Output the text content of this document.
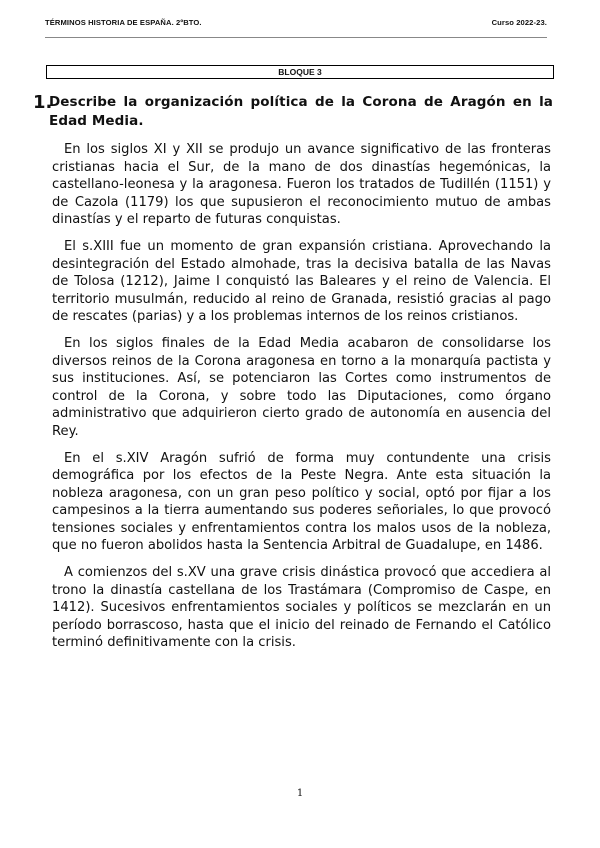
TÉRMINOS HISTORIA DE ESPAÑA. 2ºBTO.	Curso 2022-23.
BLOQUE 3
1.
Describe la organización política de la Corona de Aragón en la Edad Media.

En los siglos XI y XII se produjo un avance significativo de las fronteras cristianas hacia el Sur, de la mano de dos dinastías hegemónicas, la castellano-leonesa y la aragonesa. Fueron los tratados de Tudillén (1151) y de Cazola (1179) los que supusieron el reconocimiento mutuo de ambas dinastías y el reparto de futuras conquistas.

El s.XIII fue un momento de gran expansión cristiana. Aprovechando la desintegración del Estado almohade, tras la decisiva batalla de las Navas de Tolosa (1212), Jaime I conquistó las Baleares y el reino de Valencia. El territorio musulmán, reducido al reino de Granada, resistió gracias al pago de rescates (parias) y a los problemas internos de los reinos cristianos.

En los siglos finales de la Edad Media acabaron de consolidarse los diversos reinos de la Corona aragonesa en torno a la monarquía pactista y sus instituciones. Así, se potenciaron las Cortes como instrumentos de control de la Corona, y sobre todo las Diputaciones, como órgano administrativo que adquirieron cierto grado de autonomía en ausencia del Rey.

En el s.XIV Aragón sufrió de forma muy contundente una crisis demográfica por los efectos de la Peste Negra. Ante esta situación la nobleza aragonesa, con un gran peso político y social, optó por fijar a los campesinos a la tierra aumentando sus poderes señoriales, lo que provocó tensiones sociales y enfrentamientos contra los malos usos de la nobleza, que no fueron abolidos hasta la Sentencia Arbitral de Guadalupe, en 1486.

A comienzos del s.XV una grave crisis dinástica provocó que accediera al trono la dinastía castellana de los Trastámara (Compromiso de Caspe, en 1412). Sucesivos enfrentamientos sociales y políticos se mezclarán en un período borrascoso, hasta que el inicio del reinado de Fernando el Católico terminó definitivamente con la crisis.

1
